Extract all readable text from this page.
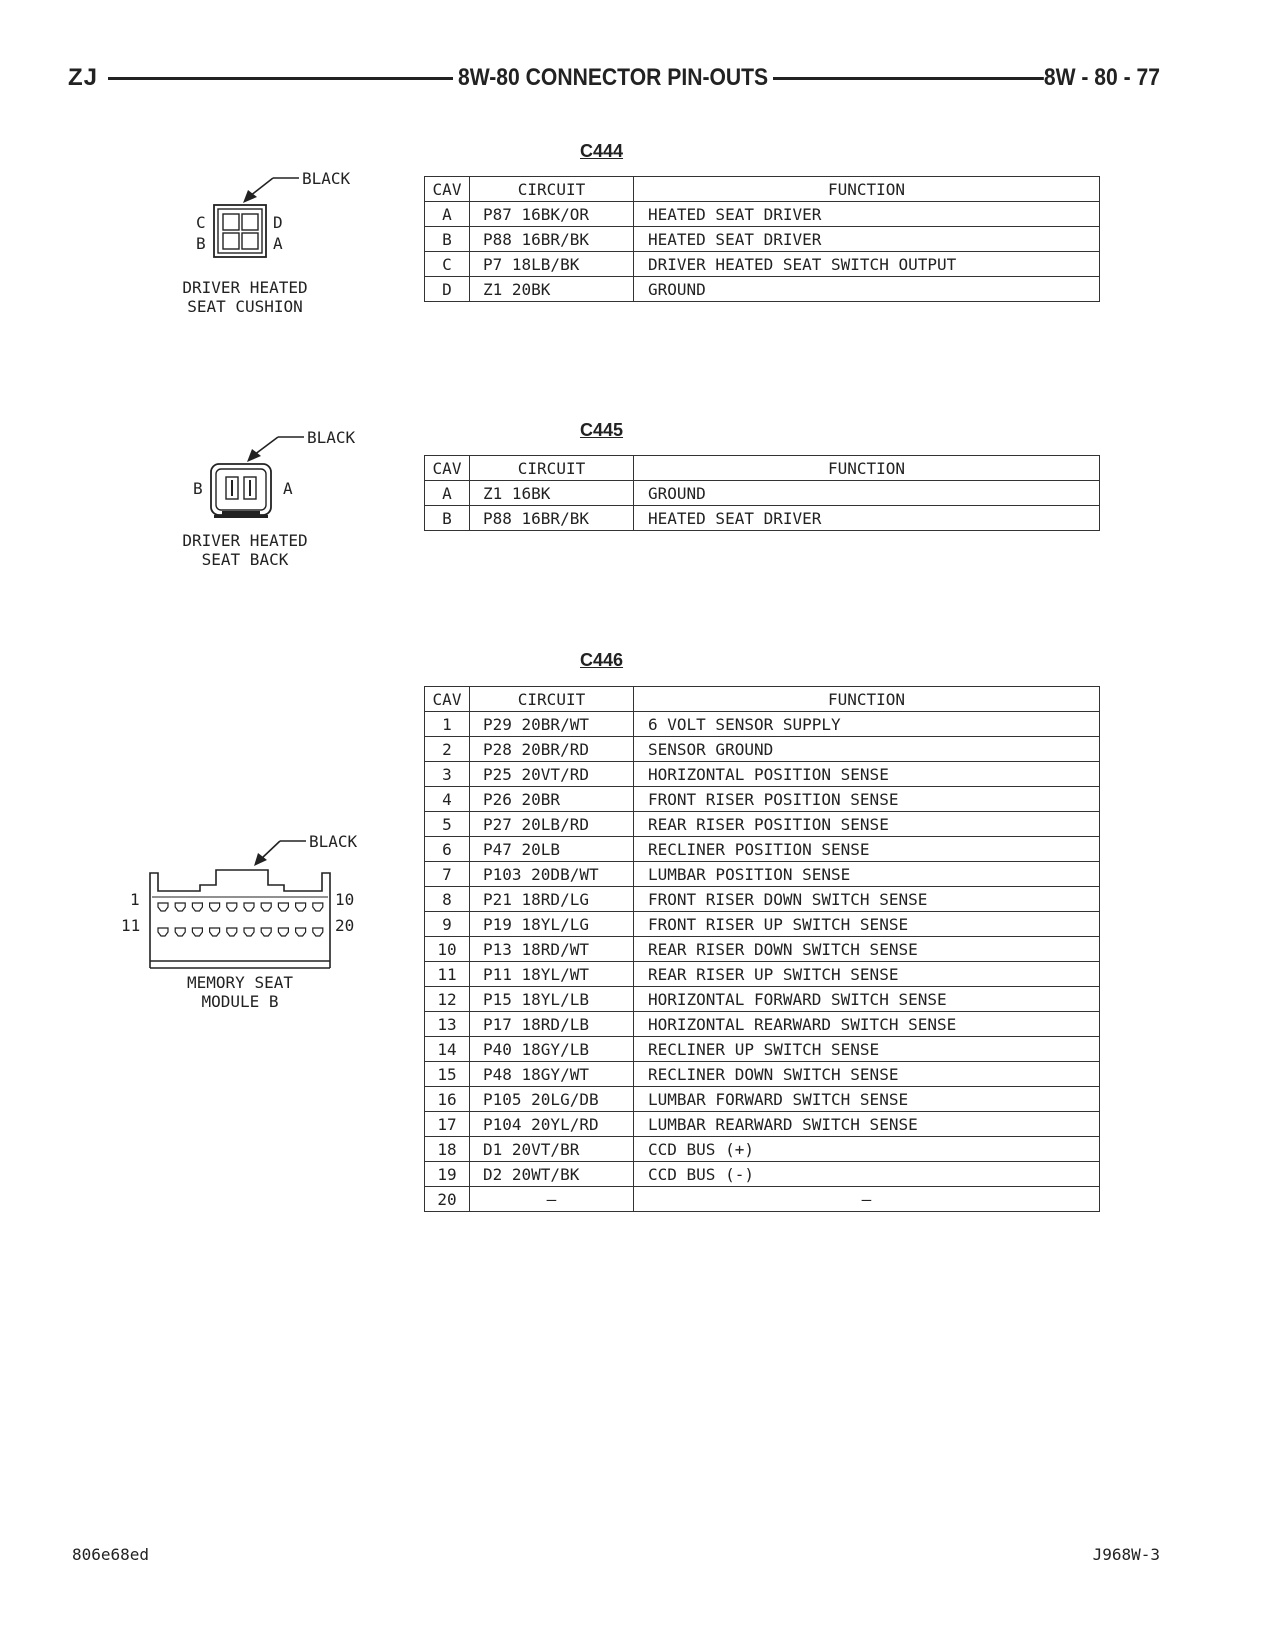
ZJ	8W-80 CONNECTOR PIN-OUTS	8W - 80 - 77
C444
BLACK
C	D
B	A
DRIVER HEATED
SEAT CUSHION
CAV	CIRCUIT	FUNCTION
A	P87 16BK/OR	HEATED SEAT DRIVER
B	P88 16BR/BK	HEATED SEAT DRIVER
C	P7 18LB/BK	DRIVER HEATED SEAT SWITCH OUTPUT
D	Z1 20BK	GROUND
C445
BLACK
B	A
DRIVER HEATED
SEAT BACK
CAV	CIRCUIT	FUNCTION
A	Z1 16BK	GROUND
B	P88 16BR/BK	HEATED SEAT DRIVER
C446
BLACK
1	10
11	20
MEMORY SEAT
MODULE B
CAV	CIRCUIT	FUNCTION
1	P29 20BR/WT	6 VOLT SENSOR SUPPLY
2	P28 20BR/RD	SENSOR GROUND
3	P25 20VT/RD	HORIZONTAL POSITION SENSE
4	P26 20BR	FRONT RISER POSITION SENSE
5	P27 20LB/RD	REAR RISER POSITION SENSE
6	P47 20LB	RECLINER POSITION SENSE
7	P103 20DB/WT	LUMBAR POSITION SENSE
8	P21 18RD/LG	FRONT RISER DOWN SWITCH SENSE
9	P19 18YL/LG	FRONT RISER UP SWITCH SENSE
10	P13 18RD/WT	REAR RISER DOWN SWITCH SENSE
11	P11 18YL/WT	REAR RISER UP SWITCH SENSE
12	P15 18YL/LB	HORIZONTAL FORWARD SWITCH SENSE
13	P17 18RD/LB	HORIZONTAL REARWARD SWITCH SENSE
14	P40 18GY/LB	RECLINER UP SWITCH SENSE
15	P48 18GY/WT	RECLINER DOWN SWITCH SENSE
16	P105 20LG/DB	LUMBAR FORWARD SWITCH SENSE
17	P104 20YL/RD	LUMBAR REARWARD SWITCH SENSE
18	D1 20VT/BR	CCD BUS (+)
19	D2 20WT/BK	CCD BUS (-)
20	–	–
806e68ed	J968W-3
